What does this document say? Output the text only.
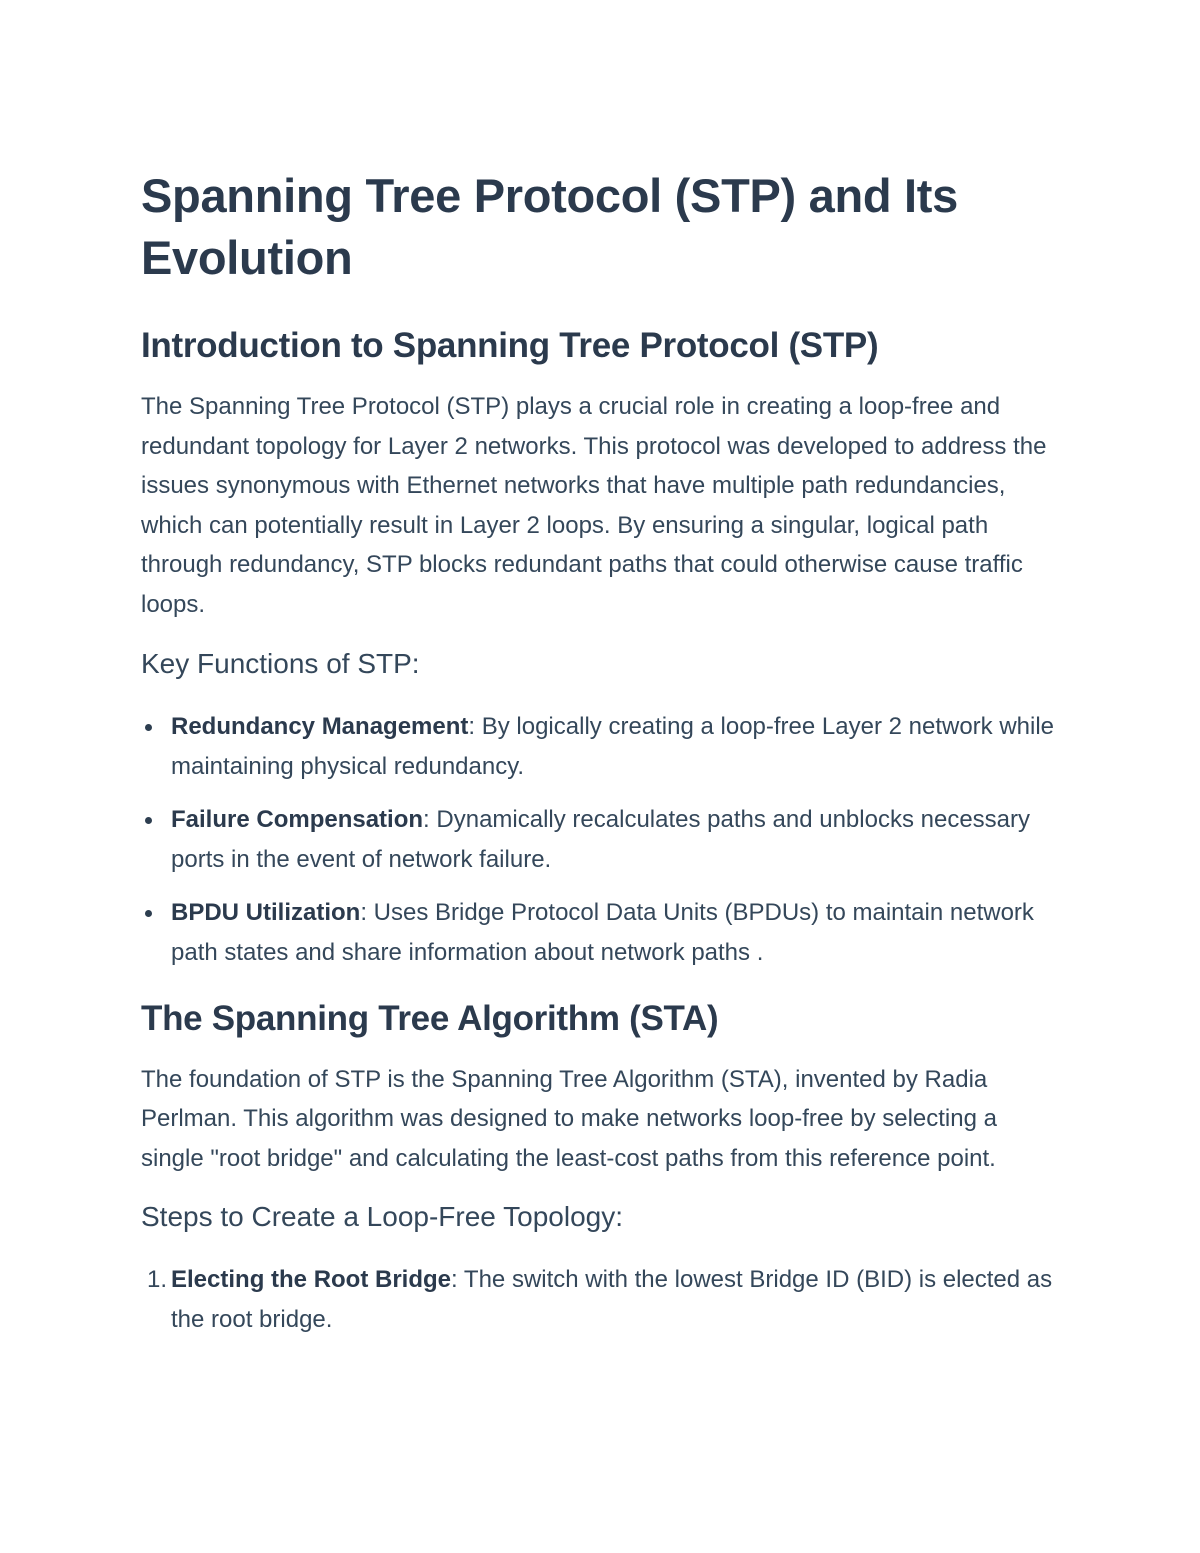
Spanning Tree Protocol (STP) and Its Evolution
Introduction to Spanning Tree Protocol (STP)

The Spanning Tree Protocol (STP) plays a crucial role in creating a loop-free and redundant topology for Layer 2 networks. This protocol was developed to address the issues synonymous with Ethernet networks that have multiple path redundancies, which can potentially result in Layer 2 loops. By ensuring a singular, logical path through redundancy, STP blocks redundant paths that could otherwise cause traffic loops.

Key Functions of STP:
Redundancy Management: By logically creating a loop-free Layer 2 network while maintaining physical redundancy.
Failure Compensation: Dynamically recalculates paths and unblocks necessary ports in the event of network failure.
BPDU Utilization: Uses Bridge Protocol Data Units (BPDUs) to maintain network path states and share information about network paths .
The Spanning Tree Algorithm (STA)

The foundation of STP is the Spanning Tree Algorithm (STA), invented by Radia Perlman. This algorithm was designed to make networks loop-free by selecting a single "root bridge" and calculating the least-cost paths from this reference point.

Steps to Create a Loop-Free Topology:
1. Electing the Root Bridge: The switch with the lowest Bridge ID (BID) is elected as the root bridge.
